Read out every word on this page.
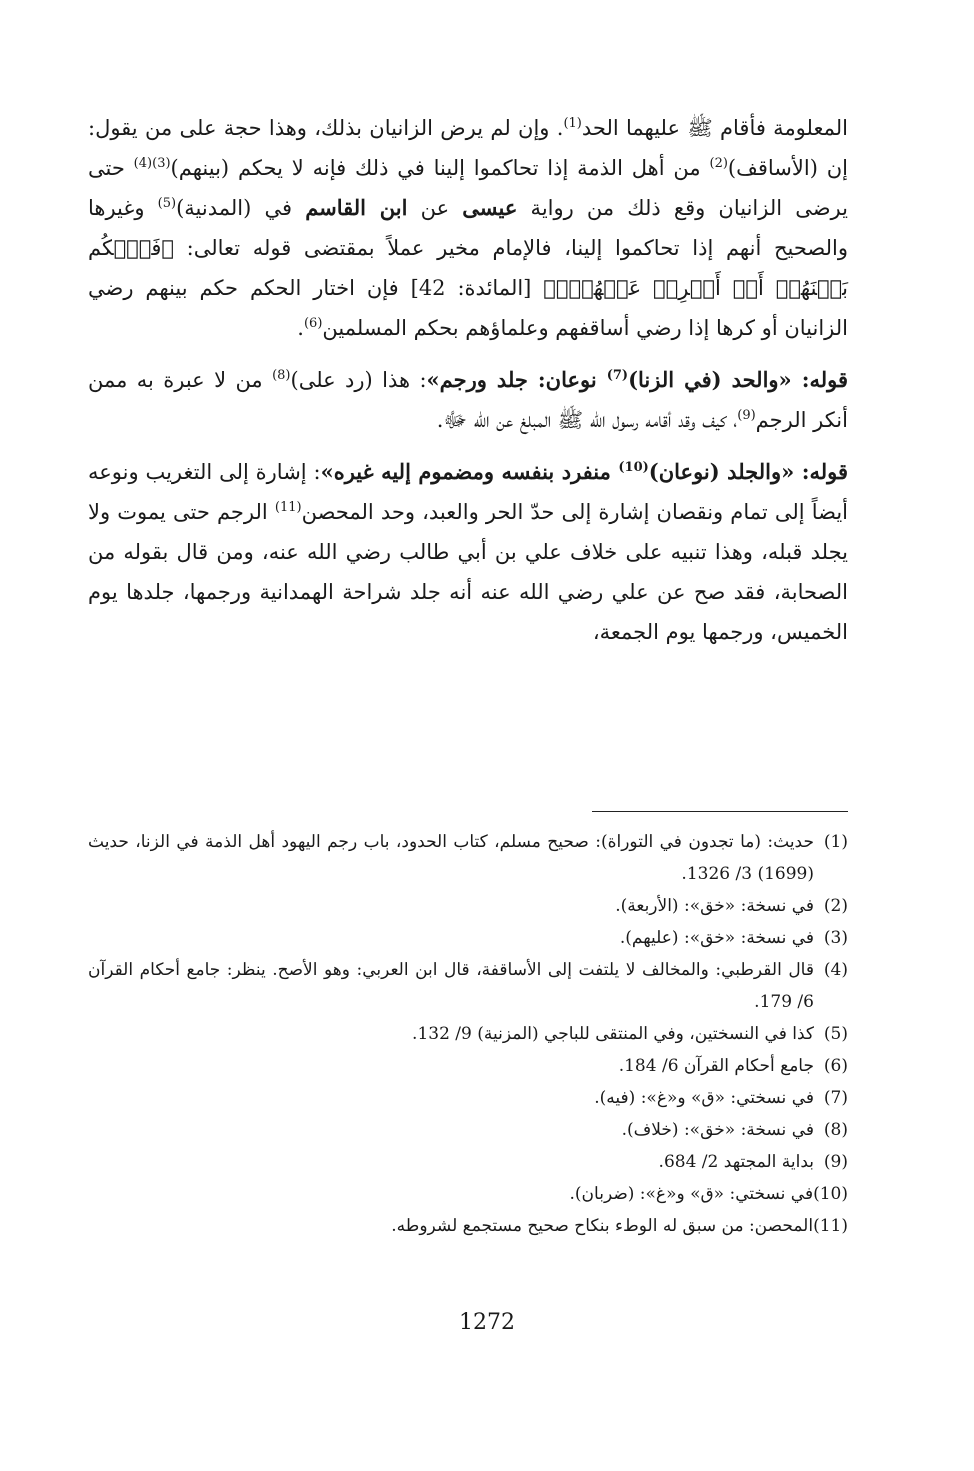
المعلومة فأقام ﷺ عليهما الحد$^{(1)}$. وإن لم يرض الزانيان بذلك، وهذا حجة على من يقول: إن (الأساقف)$^{(2)}$ من أهل الذمة إذا تحاكموا إلينا في ذلك فإنه لا يحكم (بينهم)$^{(3)(4)}$ حتى يرضى الزانيان وقع ذلك من رواية عيسى عن ابن القاسم في (المدنية)$^{(5)}$ وغيرها والصحيح أنهم إذا تحاكموا إلينا، فالإمام مخير عملاً بمقتضى قوله تعالى: ﴿فَٱحۡكُم بَيۡنَهُمۡ أَوۡ أَعۡرِضۡ عَنۡهُمۡۖ﴾ [المائدة: 42] فإن اختار الحكم حكم بينهم رضي الزانيان أو كرها إذا رضي أساقفهم وعلماؤهم بحكم المسلمين$^{(6)}$.

قوله: «والحد (في الزنا)$^{(7)}$ نوعان: جلد ورجم»: هذا (رد على)$^{(8)}$ من لا عبرة به ممن أنكر الرجم$^{(9)}$، كيف وقد أقامه رسول الله ﷺ المبلغ عن الله ﷻ.

قوله: «والجلد (نوعان)$^{(10)}$ منفرد بنفسه ومضموم إليه غيره»: إشارة إلى التغريب ونوعه أيضاً إلى تمام ونقصان إشارة إلى حدّ الحر والعبد، وحد المحصن$^{(11)}$ الرجم حتى يموت ولا يجلد قبله، وهذا تنبيه على خلاف علي بن أبي طالب رضي الله عنه، ومن قال بقوله من الصحابة، فقد صح عن علي رضي الله عنه أنه جلد شراحة الهمدانية ورجمها، جلدها يوم الخميس، ورجمها يوم الجمعة،

(1)
حديث: (ما تجدون في التوراة): صحيح مسلم، كتاب الحدود، باب رجم اليهود أهل الذمة في الزنا، حديث (1699) 3/ 1326.
(2)
في نسخة: «خق»: (الأربعة).
(3)
في نسخة: «خق»: (عليهم).
(4)
قال القرطبي: والمخالف لا يلتفت إلى الأساقفة، قال ابن العربي: وهو الأصح. ينظر: جامع أحكام القرآن 6/ 179.
(5)
كذا في النسختين، وفي المنتقى للباجي (المزنية) 9/ 132.
(6)
جامع أحكام القرآن 6/ 184.
(7)
في نسختي: «ق» و«غ»: (فيه).
(8)
في نسخة: «خق»: (خلاف).
(9)
بداية المجتهد 2/ 684.
(10)
في نسختي: «ق» و«غ»: (ضربان).
(11)
المحصن: من سبق له الوطء بنكاح صحيح مستجمع لشروطه.
1272
